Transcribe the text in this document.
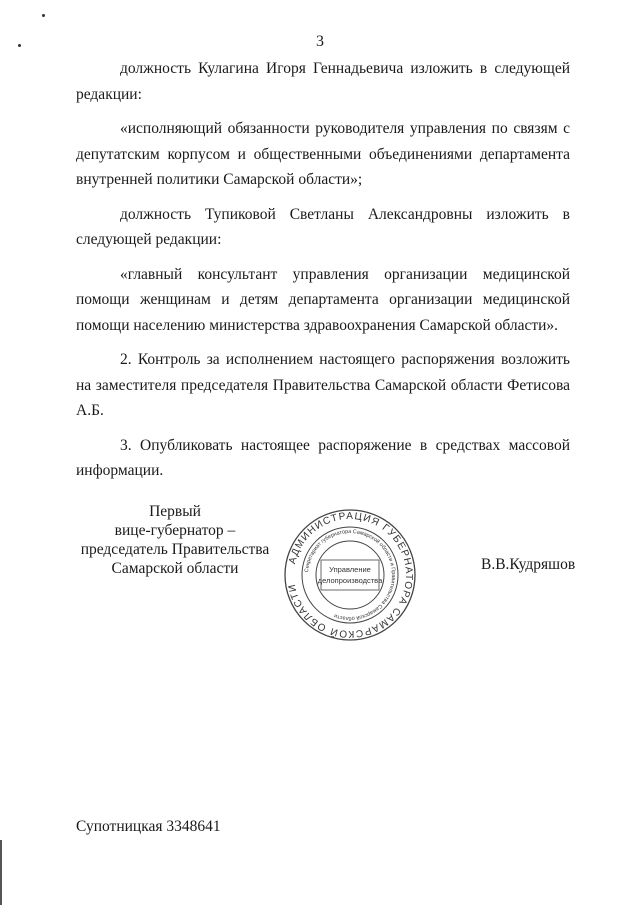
3

должность Кулагина Игоря Геннадьевича изложить в следующей редакции:

«исполняющий обязанности руководителя управления по связям с депутатским корпусом и общественными объединениями департамента внутренней политики Самарской области»;

должность Тупиковой Светланы Александровны изложить в следующей редакции:

«главный консультант управления организации медицинской помощи женщинам и детям департамента организации медицинской помощи населению министерства здравоохранения Самарской области».

2. Контроль за исполнением настоящего распоряжения возложить на заместителя председателя Правительства Самарской области Фетисова А.Б.

3. Опубликовать настоящее распоряжение в средствах массовой информации.

Первый
вице-губернатор –
председатель Правительства
Самарской области
АДМИНИСТРАЦИЯ ГУБЕРНАТОРА САМАРСКОЙ ОБЛАСТИ
Секретариат губернатора Самарской области и Правительства Самарской области
Управление
делопроизводства
В.В.Кудряшов
Супотницкая 3348641
